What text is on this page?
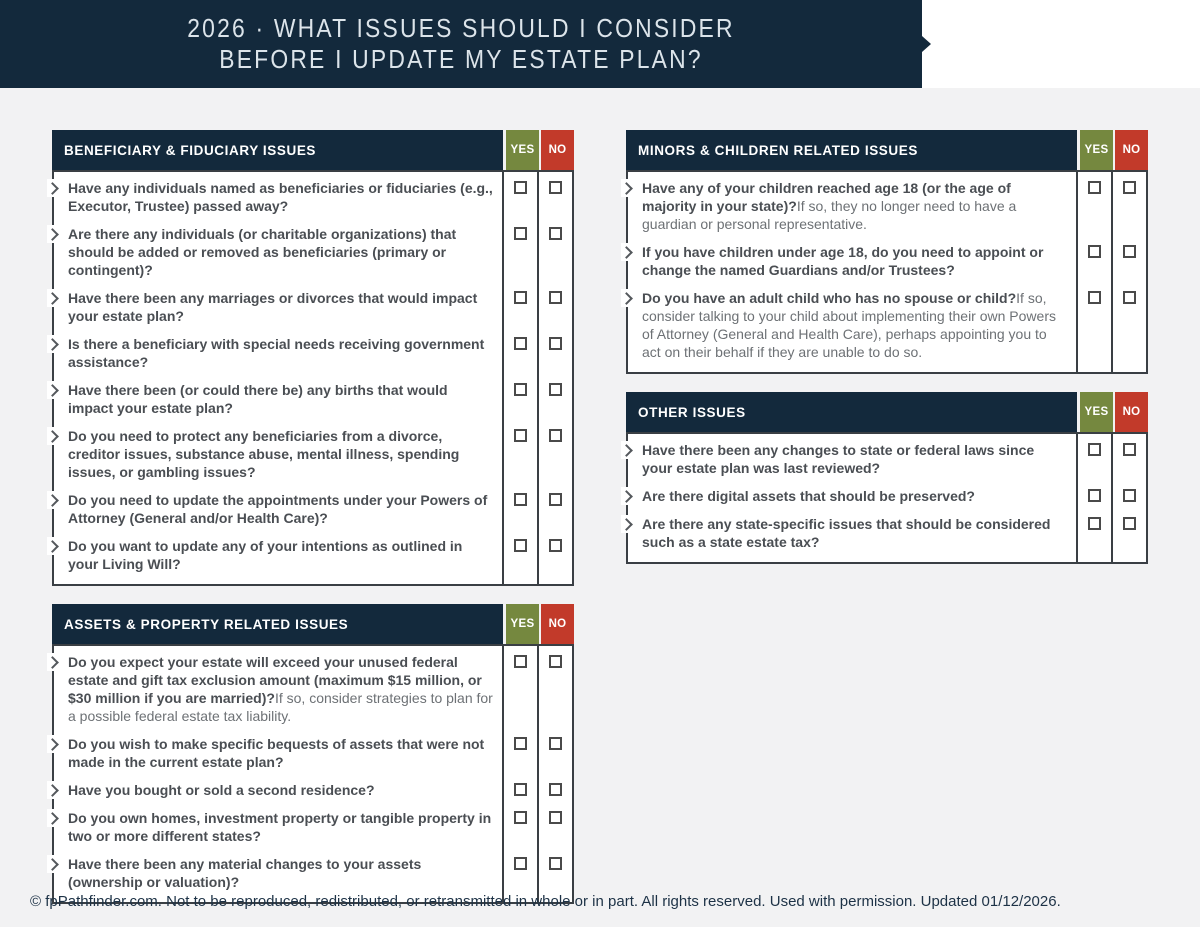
2026 · WHAT ISSUES SHOULD I CONSIDER
BEFORE I UPDATE MY ESTATE PLAN?
BENEFICIARY & FIDUCIARY ISSUES	YES	NO
Have any individuals named as beneficiaries or fiduciaries (e.g., Executor, Trustee) passed away?
Are there any individuals (or charitable organizations) that should be added or removed as beneficiaries (primary or contingent)?
Have there been any marriages or divorces that would impact your estate plan?
Is there a beneficiary with special needs receiving government assistance?
Have there been (or could there be) any births that would impact your estate plan?
Do you need to protect any beneficiaries from a divorce, creditor issues, substance abuse, mental illness, spending issues, or gambling issues?
Do you need to update the appointments under your Powers of Attorney (General and/or Health Care)?
Do you want to update any of your intentions as outlined in your Living Will?
ASSETS & PROPERTY RELATED ISSUES	YES	NO
Do you expect your estate will exceed your unused federal estate and gift tax exclusion amount (maximum $15 million, or $30 million if you are married)?If so, consider strategies to plan for a possible federal estate tax liability.
Do you wish to make specific bequests of assets that were not made in the current estate plan?
Have you bought or sold a second residence?
Do you own homes, investment property or tangible property in two or more different states?
Have there been any material changes to your assets (ownership or valuation)?
MINORS & CHILDREN RELATED ISSUES	YES	NO
Have any of your children reached age 18 (or the age of majority in your state)?If so, they no longer need to have a guardian or personal representative.
If you have children under age 18, do you need to appoint or change the named Guardians and/or Trustees?
Do you have an adult child who has no spouse or child?If so, consider talking to your child about implementing their own Powers of Attorney (General and Health Care), perhaps appointing you to act on their behalf if they are unable to do so.
OTHER ISSUES	YES	NO
Have there been any changes to state or federal laws since your estate plan was last reviewed?
Are there digital assets that should be preserved?
Are there any state-specific issues that should be considered such as a state estate tax?
© fpPathfinder.com. Not to be reproduced, redistributed, or retransmitted in whole or in part. All rights reserved. Used with permission. Updated 01/12/2026.
